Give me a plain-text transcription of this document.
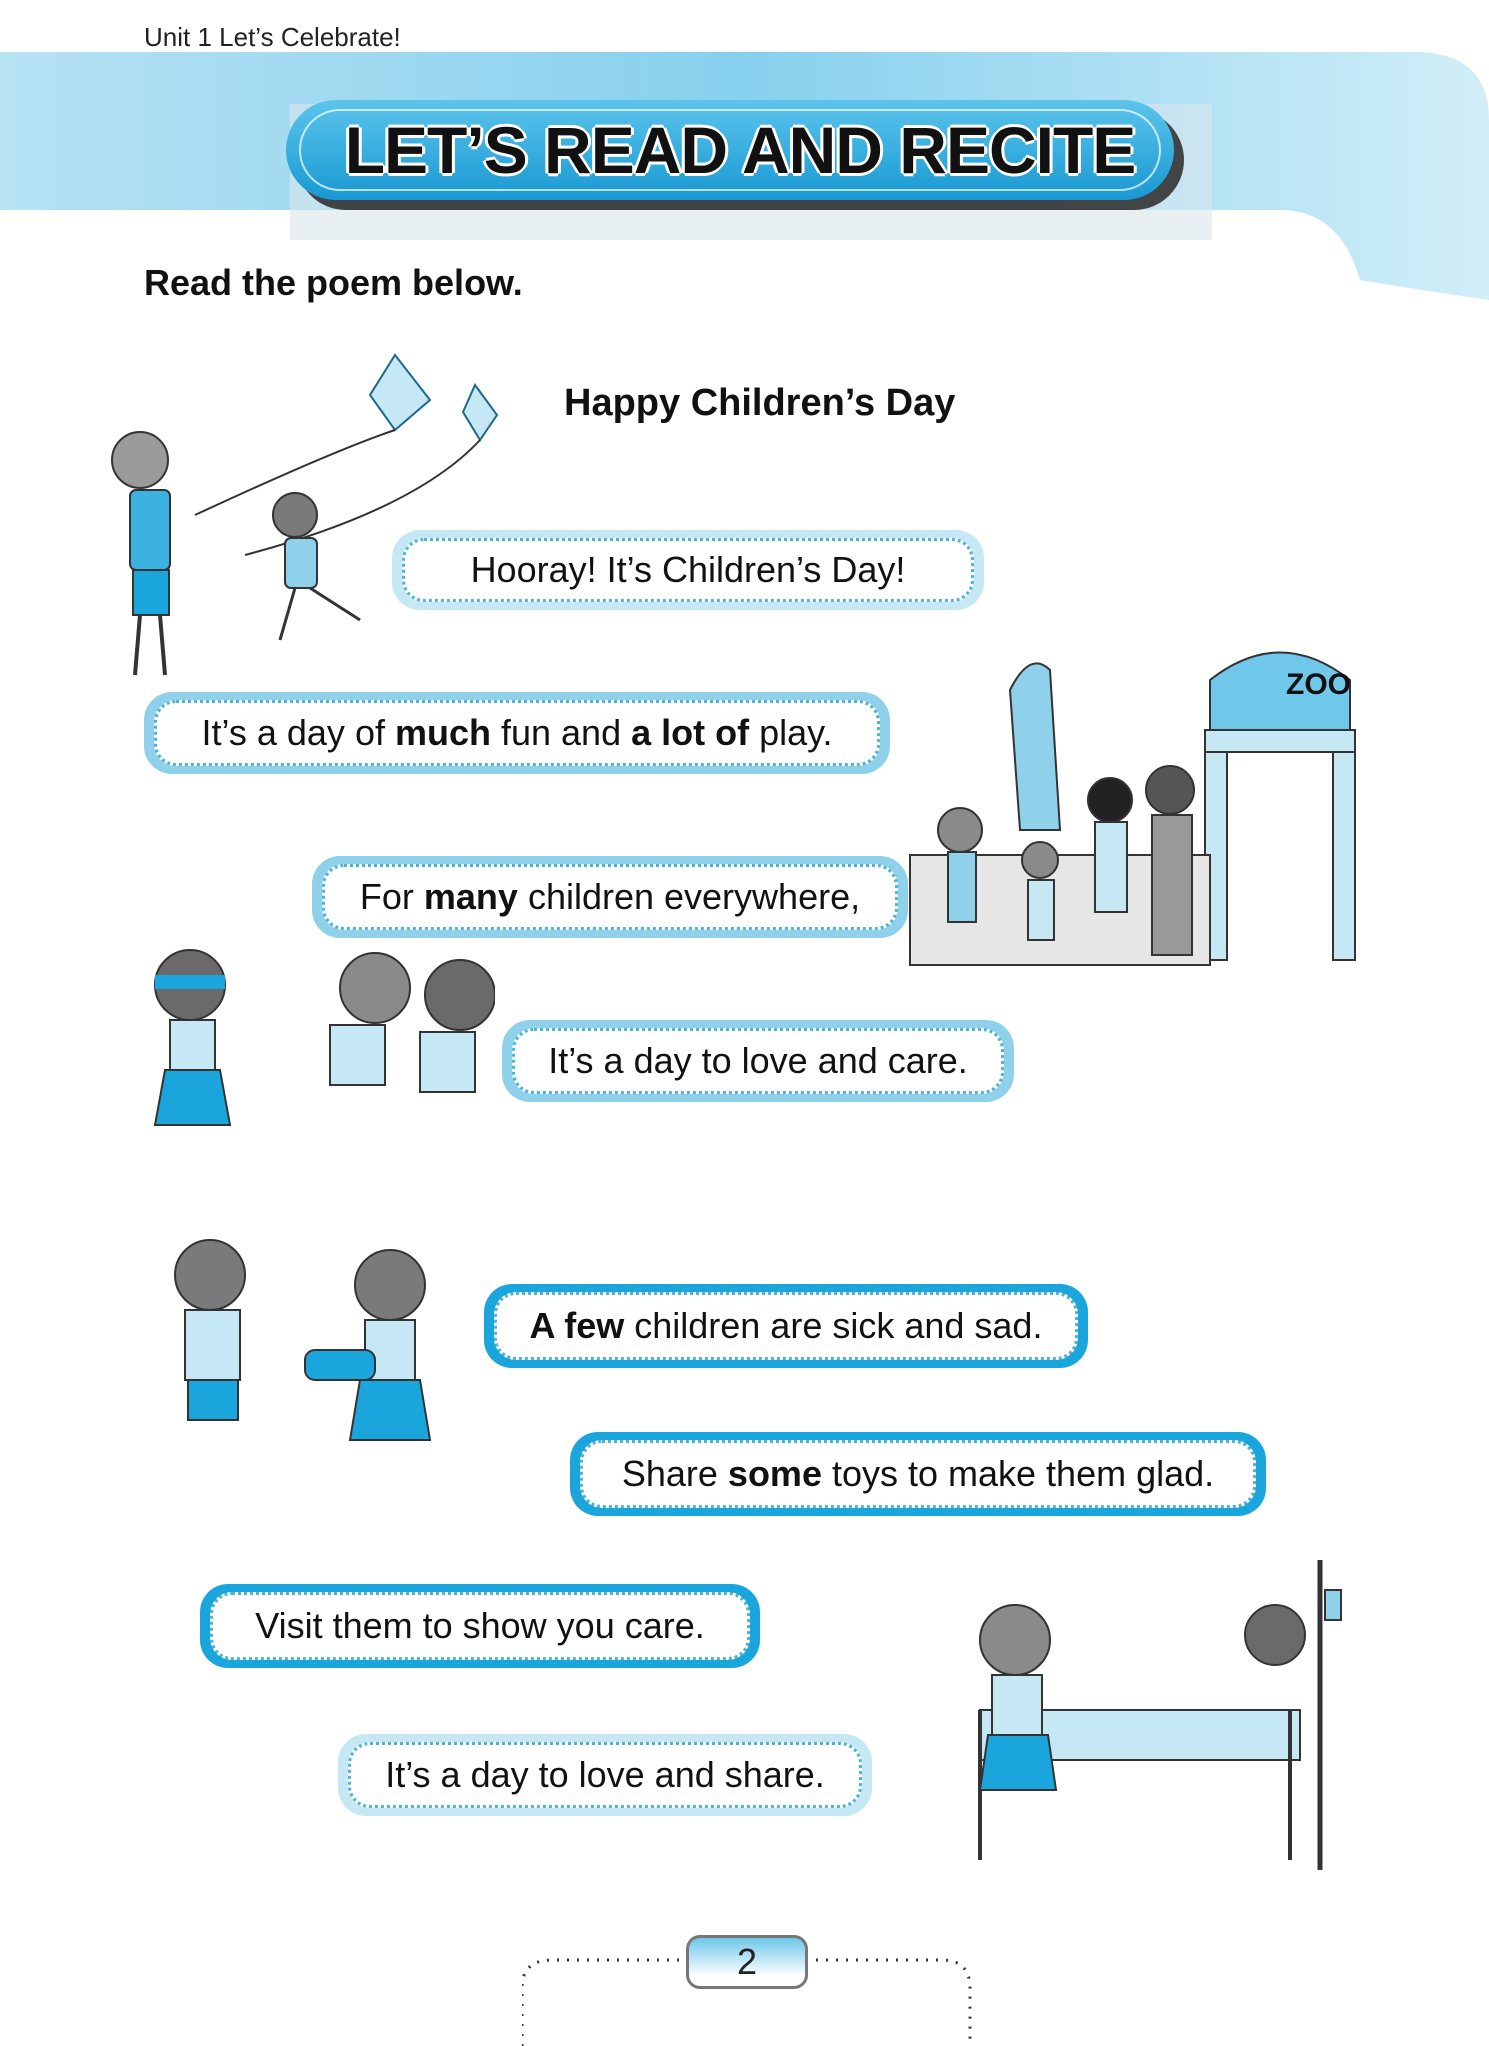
Unit 1 Let’s Celebrate!
LET’S READ AND RECITE
Read the poem below.
Happy Children’s Day
Hooray! It’s Children’s Day!
It’s a day of much fun and a lot of play.
For many children everywhere,
It’s a day to love and care.
A few children are sick and sad.
Share some toys to make them glad.
Visit them to show you care.
It’s a day to love and share.
ZOO
2
